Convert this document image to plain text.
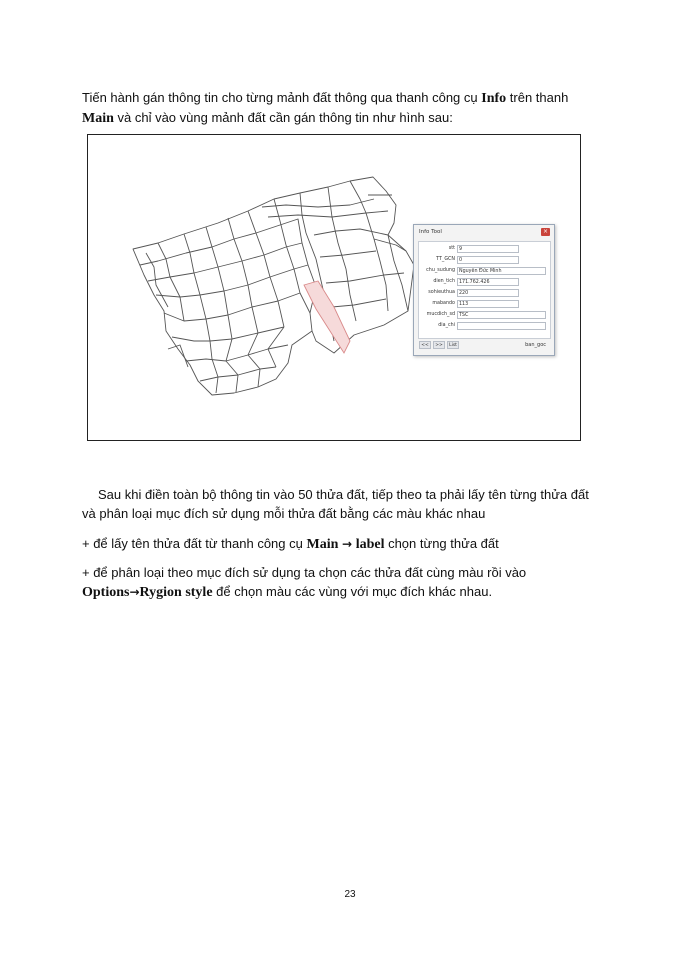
Tiến hành gán thông tin cho từng mảnh đất thông qua thanh công cụ Info trên thanh
Main và chỉ vào vùng mảnh đất cần gán thông tin như hình sau:
Info Tool	×
stt 9
TT_GCN 0
chu_sudung Nguyễn Đức Minh
dien_tich 171.762.426
sohieuthua 220
mabando 113
mucdich_sd TSC
dia_chi
<<	>>	List	ban_goc
Sau khi điền toàn bộ thông tin vào 50 thửa đất, tiếp theo ta phải lấy tên từng thửa đất
và phân loại mục đích sử dụng mỗi thửa đất bằng các màu khác nhau
+ để lấy tên thửa đất từ thanh công cụ Main → label chọn từng thửa đất
+ để phân loại theo mục đích sử dụng ta chọn các thửa đất cùng màu rồi vào
Options→Rygion style để chọn màu các vùng với mục đích khác nhau.
23
